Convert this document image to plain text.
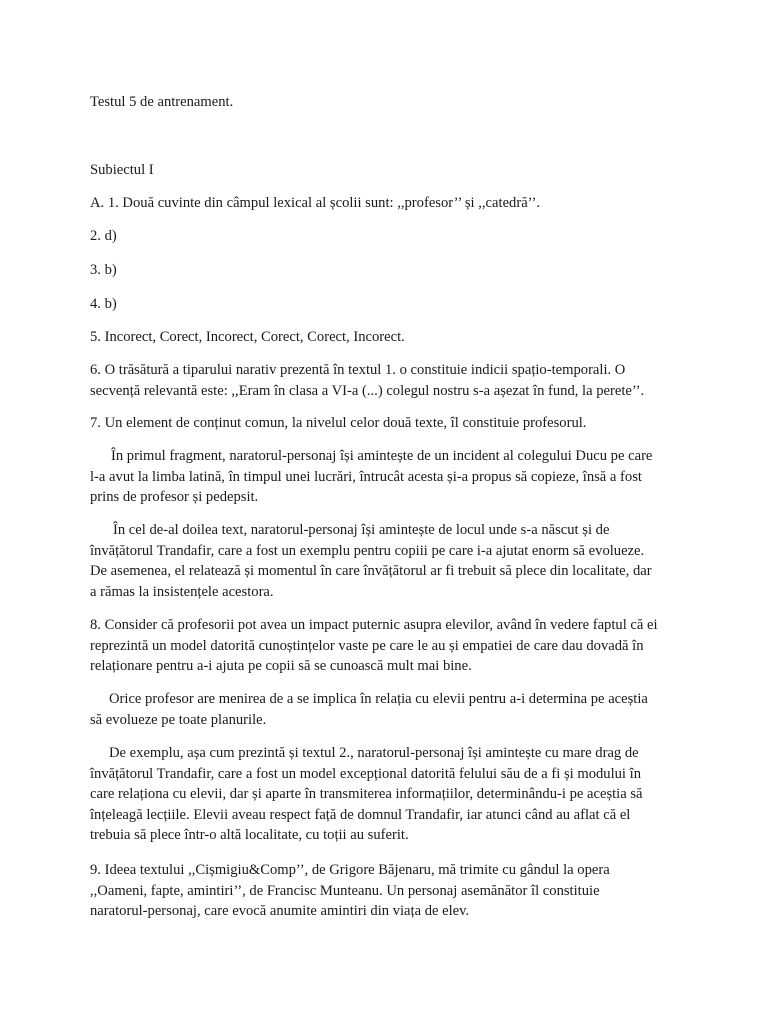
Testul 5 de antrenament.
Subiectul I
A. 1. Două cuvinte din câmpul lexical al școlii sunt: ,,profesor’’ și ,,catedră’’.
2. d)
3. b)
4. b)
5. Incorect, Corect, Incorect, Corect, Corect, Incorect.
6. O trăsătură a tiparului narativ prezentă în textul 1. o constituie indicii spațio-temporali. O
secvență relevantă este: ,,Eram în clasa a VI-a (...) colegul nostru s-a așezat în fund, la perete’’.
7. Un element de conținut comun, la nivelul celor două texte, îl constituie profesorul.
În primul fragment, naratorul-personaj își amintește de un incident al colegului Ducu pe care
l-a avut la limba latină, în timpul unei lucrări, întrucât acesta și-a propus să copieze, însă a fost
prins de profesor și pedepsit.
În cel de-al doilea text, naratorul-personaj își amintește de locul unde s-a născut și de
învățătorul Trandafir, care a fost un exemplu pentru copiii pe care i-a ajutat enorm să evolueze.
De asemenea, el relatează și momentul în care învățătorul ar fi trebuit să plece din localitate, dar
a rămas la insistențele acestora.
8. Consider că profesorii pot avea un impact puternic asupra elevilor, având în vedere faptul că ei
reprezintă un model datorită cunoștințelor vaste pe care le au și empatiei de care dau dovadă în
relaționare pentru a-i ajuta pe copii să se cunoască mult mai bine.
Orice profesor are menirea de a se implica în relația cu elevii pentru a-i determina pe aceștia
să evolueze pe toate planurile.
De exemplu, așa cum prezintă și textul 2., naratorul-personaj își amintește cu mare drag de
învățătorul Trandafir, care a fost un model excepțional datorită felului său de a fi și modului în
care relaționa cu elevii, dar și aparte în transmiterea informațiilor, determinându-i pe aceștia să
înțeleagă lecțiile. Elevii aveau respect față de domnul Trandafir, iar atunci când au aflat că el
trebuia să plece într-o altă localitate, cu toții au suferit.
9. Ideea textului ,,Cișmigiu&Comp’’, de Grigore Băjenaru, mă trimite cu gândul la opera
,,Oameni, fapte, amintiri’’, de Francisc Munteanu. Un personaj asemănător îl constituie
naratorul-personaj, care evocă anumite amintiri din viața de elev.
